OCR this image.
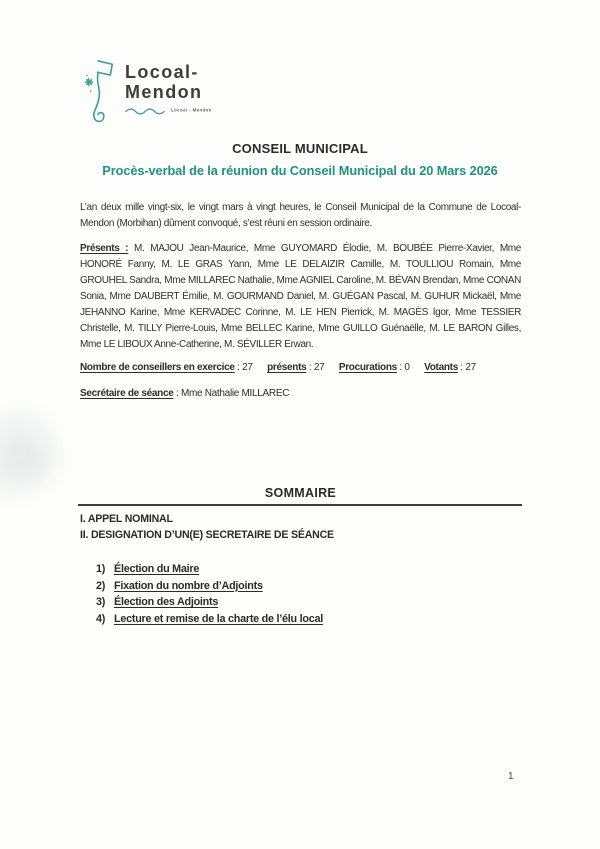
Locoal-
Mendon
Locoal - Mendon
CONSEIL MUNICIPAL
Procès-verbal de la réunion du Conseil Municipal du 20 Mars 2026
L’an deux mille vingt-six, le vingt mars à vingt heures, le Conseil Municipal de la Commune de Locoal-Mendon (Morbihan) dûment convoqué, s’est réuni en session ordinaire.
Présents : M. MAJOU Jean-Maurice, Mme GUYOMARD Élodie, M. BOUBÉE Pierre-Xavier, Mme HONORÉ Fanny, M. LE GRAS Yann, Mme LE DELAIZIR Camille, M. TOULLIOU Romain, Mme GROUHEL Sandra, Mme MILLAREC Nathalie, Mme AGNIEL Caroline, M. BÉVAN Brendan, Mme CONAN Sonia, Mme DAUBERT Émilie, M. GOURMAND Daniel, M. GUÉGAN Pascal, M. GUHUR Mickaël, Mme JEHANNO Karine, Mme KERVADEC Corinne, M. LE HEN Pierrick, M. MAGÈS Igor, Mme TESSIER Christelle, M. TILLY Pierre-Louis, Mme BELLEC Karine, Mme GUILLO Guénaëlle, M. LE BARON Gilles, Mme LE LIBOUX Anne-Catherine, M. SÉVILLER Erwan.
Nombre de conseillers en exercice : 27 présents : 27 Procurations : 0 Votants : 27
Secrétaire de séance : Mme Nathalie MILLAREC
SOMMAIRE
I. APPEL NOMINAL
II. DESIGNATION D’UN(E) SECRETAIRE DE SÉANCE
1) Élection du Maire
2) Fixation du nombre d’Adjoints
3) Élection des Adjoints
4) Lecture et remise de la charte de l’élu local
1
